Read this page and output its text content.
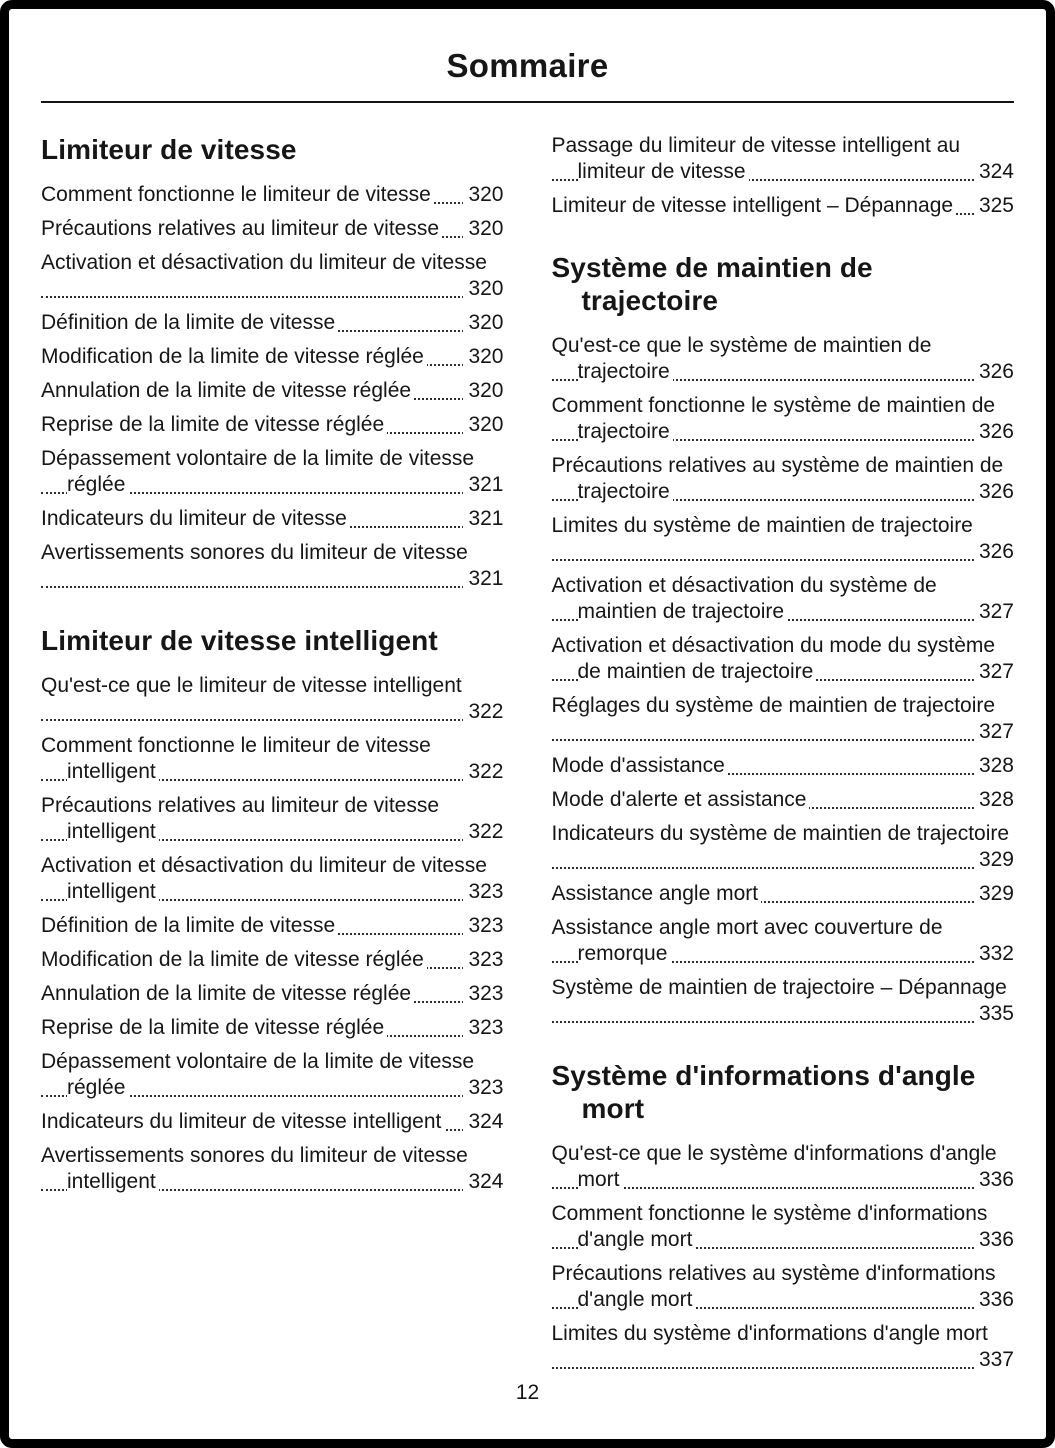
Sommaire
Limiteur de vitesse
Comment fonctionne le limiteur de vitesse 320
Précautions relatives au limiteur de vitesse 320
Activation et désactivation du limiteur de vitesse
320
Définition de la limite de vitesse	320
Modification de la limite de vitesse réglée 320
Annulation de la limite de vitesse réglée	320
Reprise de la limite de vitesse réglée	320
Dépassement volontaire de la limite de vitesse réglée	321
Indicateurs du limiteur de vitesse	321
Avertissements sonores du limiteur de vitesse
321
Limiteur de vitesse intelligent
Qu'est-ce que le limiteur de vitesse intelligent
322
Comment fonctionne le limiteur de vitesse intelligent	322
Précautions relatives au limiteur de vitesse intelligent	322
Activation et désactivation du limiteur de vitesse intelligent	323
Définition de la limite de vitesse	323
Modification de la limite de vitesse réglée 323
Annulation de la limite de vitesse réglée	323
Reprise de la limite de vitesse réglée	323
Dépassement volontaire de la limite de vitesse réglée	323
Indicateurs du limiteur de vitesse intelligent 324
Avertissements sonores du limiteur de vitesse intelligent	324
Passage du limiteur de vitesse intelligent au limiteur de vitesse	324
Limiteur de vitesse intelligent – Dépannage 325
Système de maintien de trajectoire
Qu'est-ce que le système de maintien de trajectoire	326
Comment fonctionne le système de maintien de trajectoire	326
Précautions relatives au système de maintien de trajectoire	326
Limites du système de maintien de trajectoire
326
Activation et désactivation du système de maintien de trajectoire	327
Activation et désactivation du mode du système de maintien de trajectoire	327
Réglages du système de maintien de trajectoire
327
Mode d'assistance	328
Mode d'alerte et assistance	328
Indicateurs du système de maintien de trajectoire
329
Assistance angle mort	329
Assistance angle mort avec couverture de remorque	332
Système de maintien de trajectoire – Dépannage
335
Système d'informations d'angle mort
Qu'est-ce que le système d'informations d'angle mort	336
Comment fonctionne le système d'informations d'angle mort	336
Précautions relatives au système d'informations d'angle mort	336
Limites du système d'informations d'angle mort
337
12
